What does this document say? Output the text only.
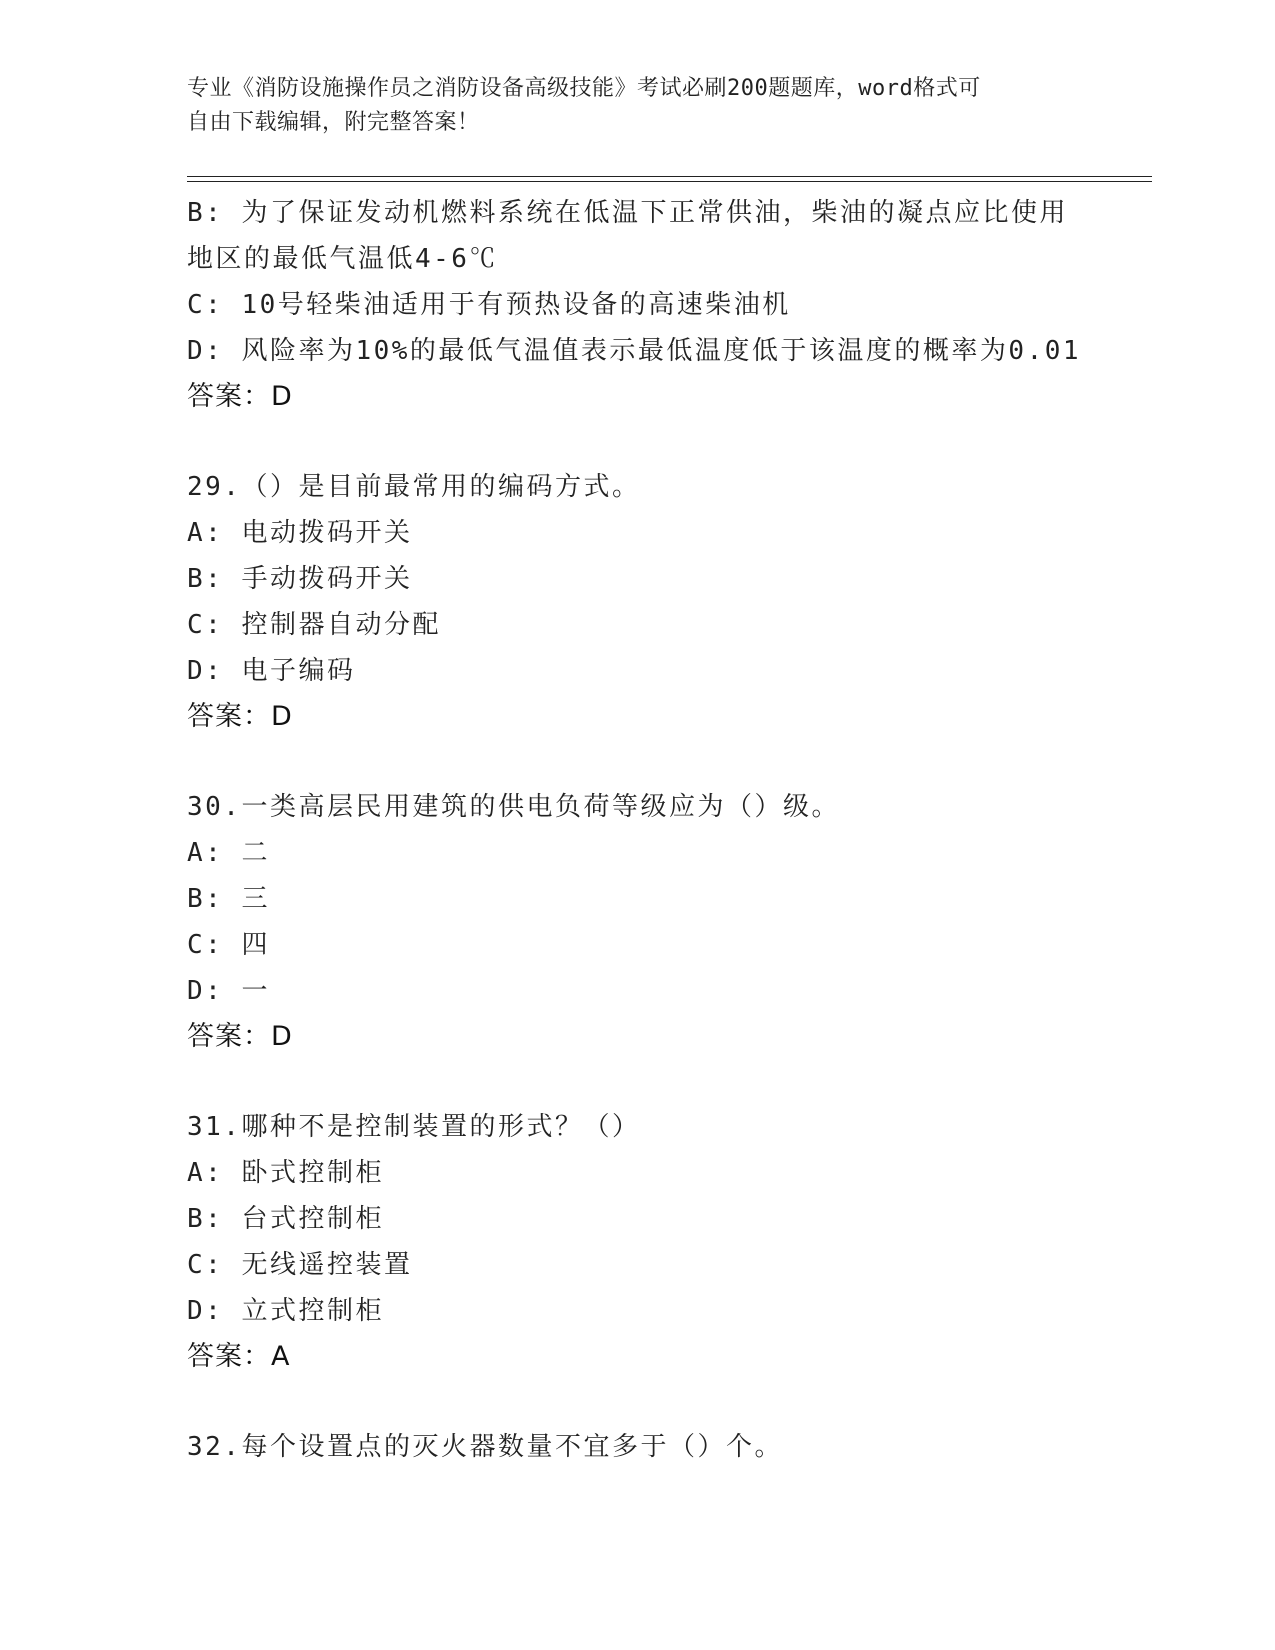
专业《消防设施操作员之消防设备高级技能》考试必刷200题题库，word格式可
自由下载编辑，附完整答案！
B: 为了保证发动机燃料系统在低温下正常供油，柴油的凝点应比使用
地区的最低气温低4-6℃
C: 10号轻柴油适用于有预热设备的高速柴油机
D: 风险率为10%的最低气温值表示最低温度低于该温度的概率为0.01
答案：D
29.（）是目前最常用的编码方式。
A: 电动拨码开关
B: 手动拨码开关
C: 控制器自动分配
D: 电子编码
答案：D
30.一类高层民用建筑的供电负荷等级应为（）级。
A: 二
B: 三
C: 四
D: 一
答案：D
31.哪种不是控制装置的形式？（）
A: 卧式控制柜
B: 台式控制柜
C: 无线遥控装置
D: 立式控制柜
答案：A
32.每个设置点的灭火器数量不宜多于（）个。
